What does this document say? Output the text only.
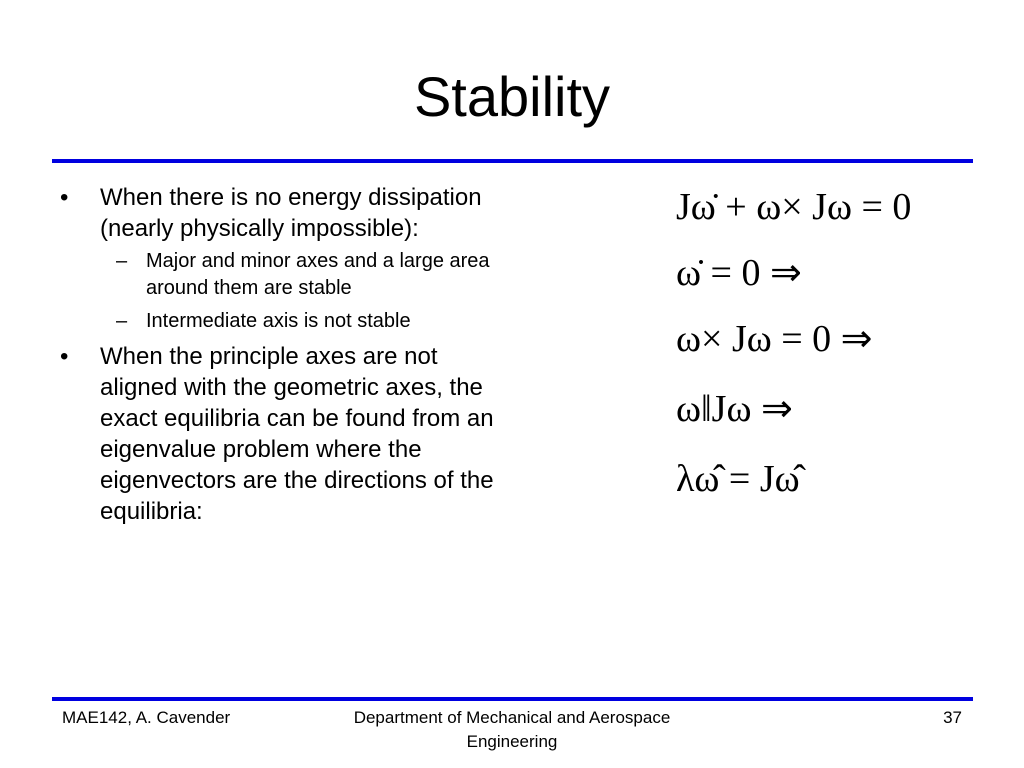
Stability
• When there is no energy dissipation (nearly physically impossible):
– Major and minor axes and a large area around them are stable
– Intermediate axis is not stable
• When the principle axes are not aligned with the geometric axes, the exact equilibria can be found from an eigenvalue problem where the eigenvectors are the directions of the equilibria:
Jω̇ + ω× Jω = 0
ω̇ = 0 ⇒
ω× Jω = 0 ⇒
ω‖Jω ⇒
λω̂ = Jω̂
MAE142, A. Cavender	Department of Mechanical and Aerospace Engineering
37
